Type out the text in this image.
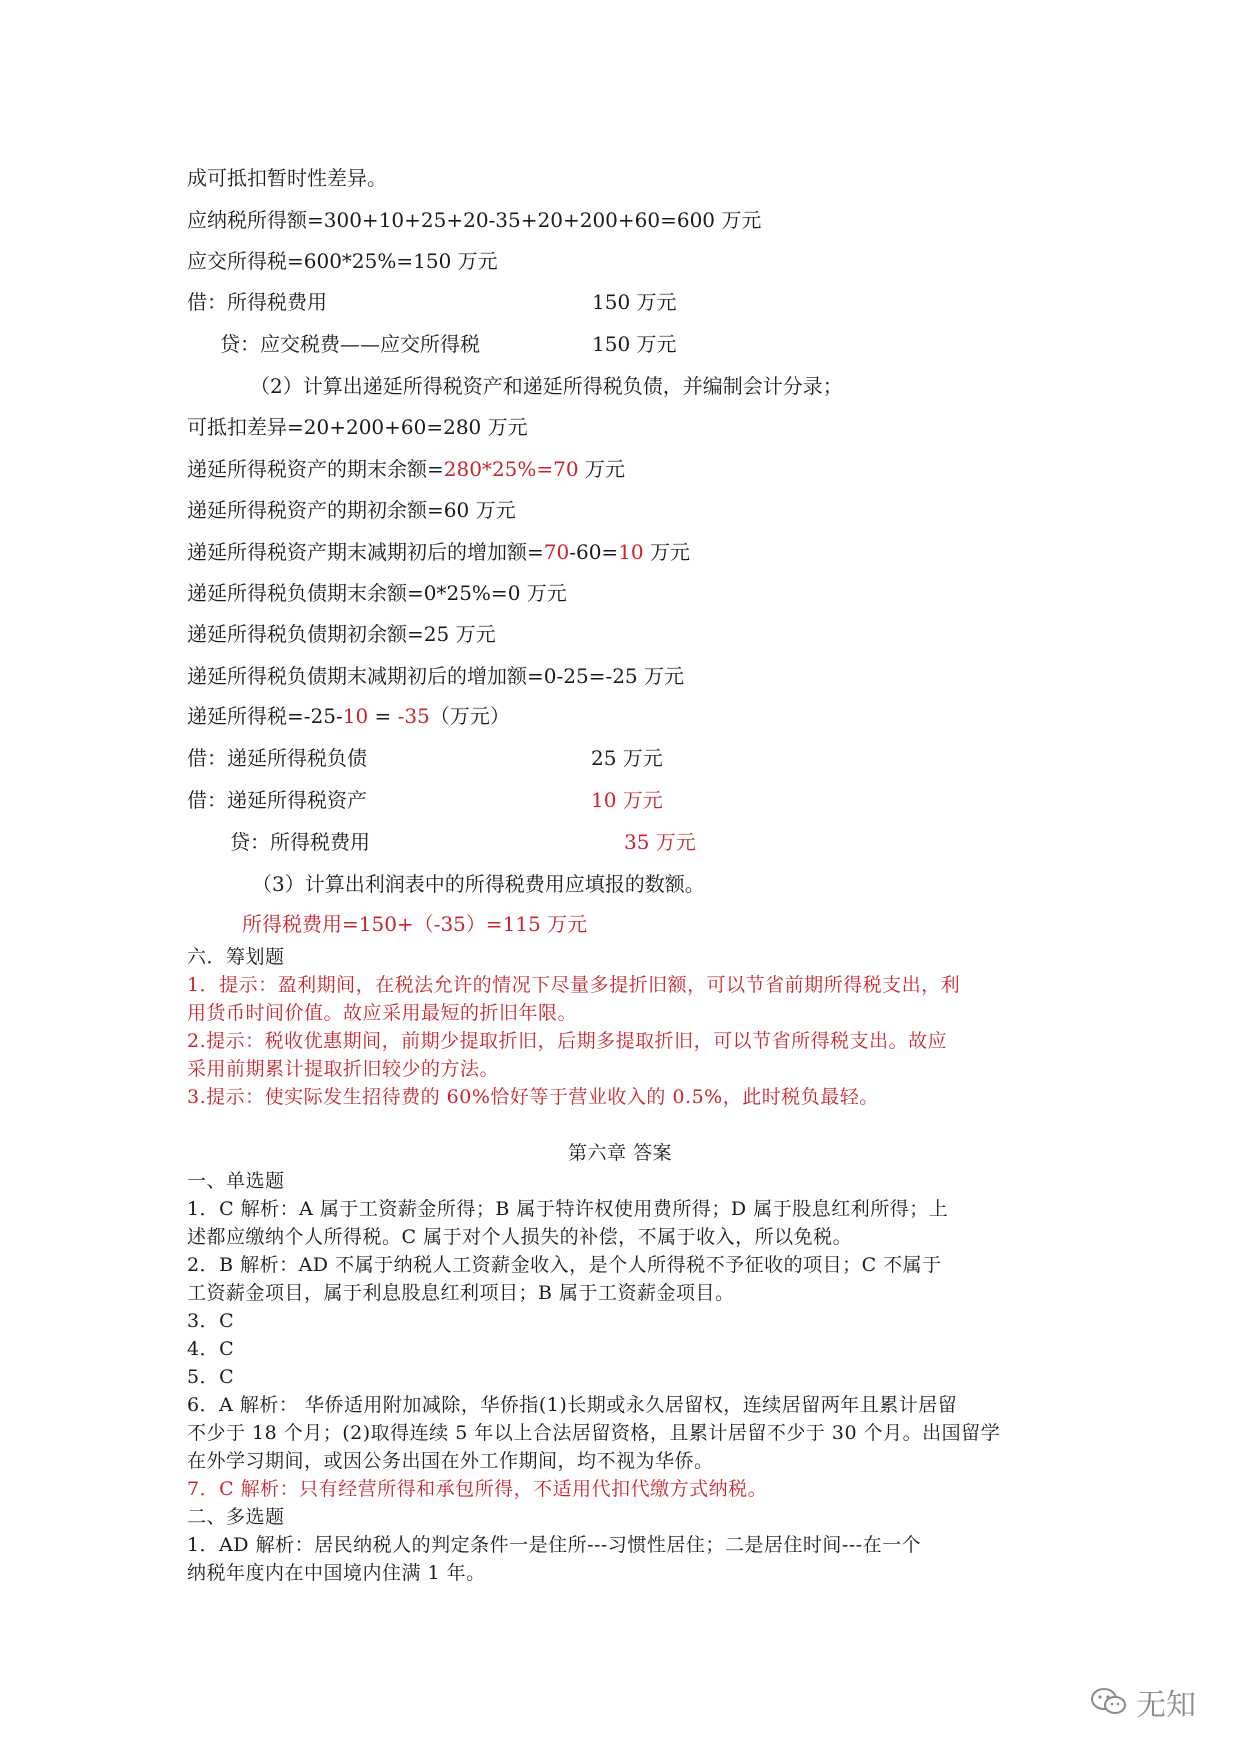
成可抵扣暂时性差异。
应纳税所得额=300+10+25+20-35+20+200+60=600 万元
应交所得税=600*25%=150 万元
借：所得税费用	150 万元
贷：应交税费——应交所得税	150 万元
（2）计算出递延所得税资产和递延所得税负债，并编制会计分录；
可抵扣差异=20+200+60=280 万元
递延所得税资产的期末余额=280*25%=70 万元
递延所得税资产的期初余额=60 万元
递延所得税资产期末减期初后的增加额=70-60=10 万元
递延所得税负债期末余额=0*25%=0 万元
递延所得税负债期初余额=25 万元
递延所得税负债期末减期初后的增加额=0-25=-25 万元
递延所得税=-25-10 = -35（万元）
借：递延所得税负债	25 万元
借：递延所得税资产	10 万元
贷：所得税费用	35 万元
（3）计算出利润表中的所得税费用应填报的数额。
所得税费用=150+（-35）=115 万元
六．筹划题
1．提示：盈利期间，在税法允许的情况下尽量多提折旧额，可以节省前期所得税支出，利
用货币时间价值。故应采用最短的折旧年限。
2.提示：税收优惠期间，前期少提取折旧，后期多提取折旧，可以节省所得税支出。故应
采用前期累计提取折旧较少的方法。
3.提示：使实际发生招待费的 60%恰好等于营业收入的 0.5%，此时税负最轻。
第六章 答案
一、单选题
1．C 解析：A 属于工资薪金所得；B 属于特许权使用费所得；D 属于股息红利所得；上
述都应缴纳个人所得税。C 属于对个人损失的补偿，不属于收入，所以免税。
2．B 解析：AD 不属于纳税人工资薪金收入，是个人所得税不予征收的项目；C 不属于
工资薪金项目，属于利息股息红利项目；B 属于工资薪金项目。
3．C
4．C
5．C
6．A 解析： 华侨适用附加减除，华侨指(1)长期或永久居留权，连续居留两年且累计居留
不少于 18 个月；(2)取得连续 5 年以上合法居留资格，且累计居留不少于 30 个月。出国留学
在外学习期间，或因公务出国在外工作期间，均不视为华侨。
7．C 解析：只有经营所得和承包所得，不适用代扣代缴方式纳税。
二、多选题
1．AD 解析：居民纳税人的判定条件一是住所---习惯性居住；二是居住时间---在一个
纳税年度内在中国境内住满 1 年。
无知
